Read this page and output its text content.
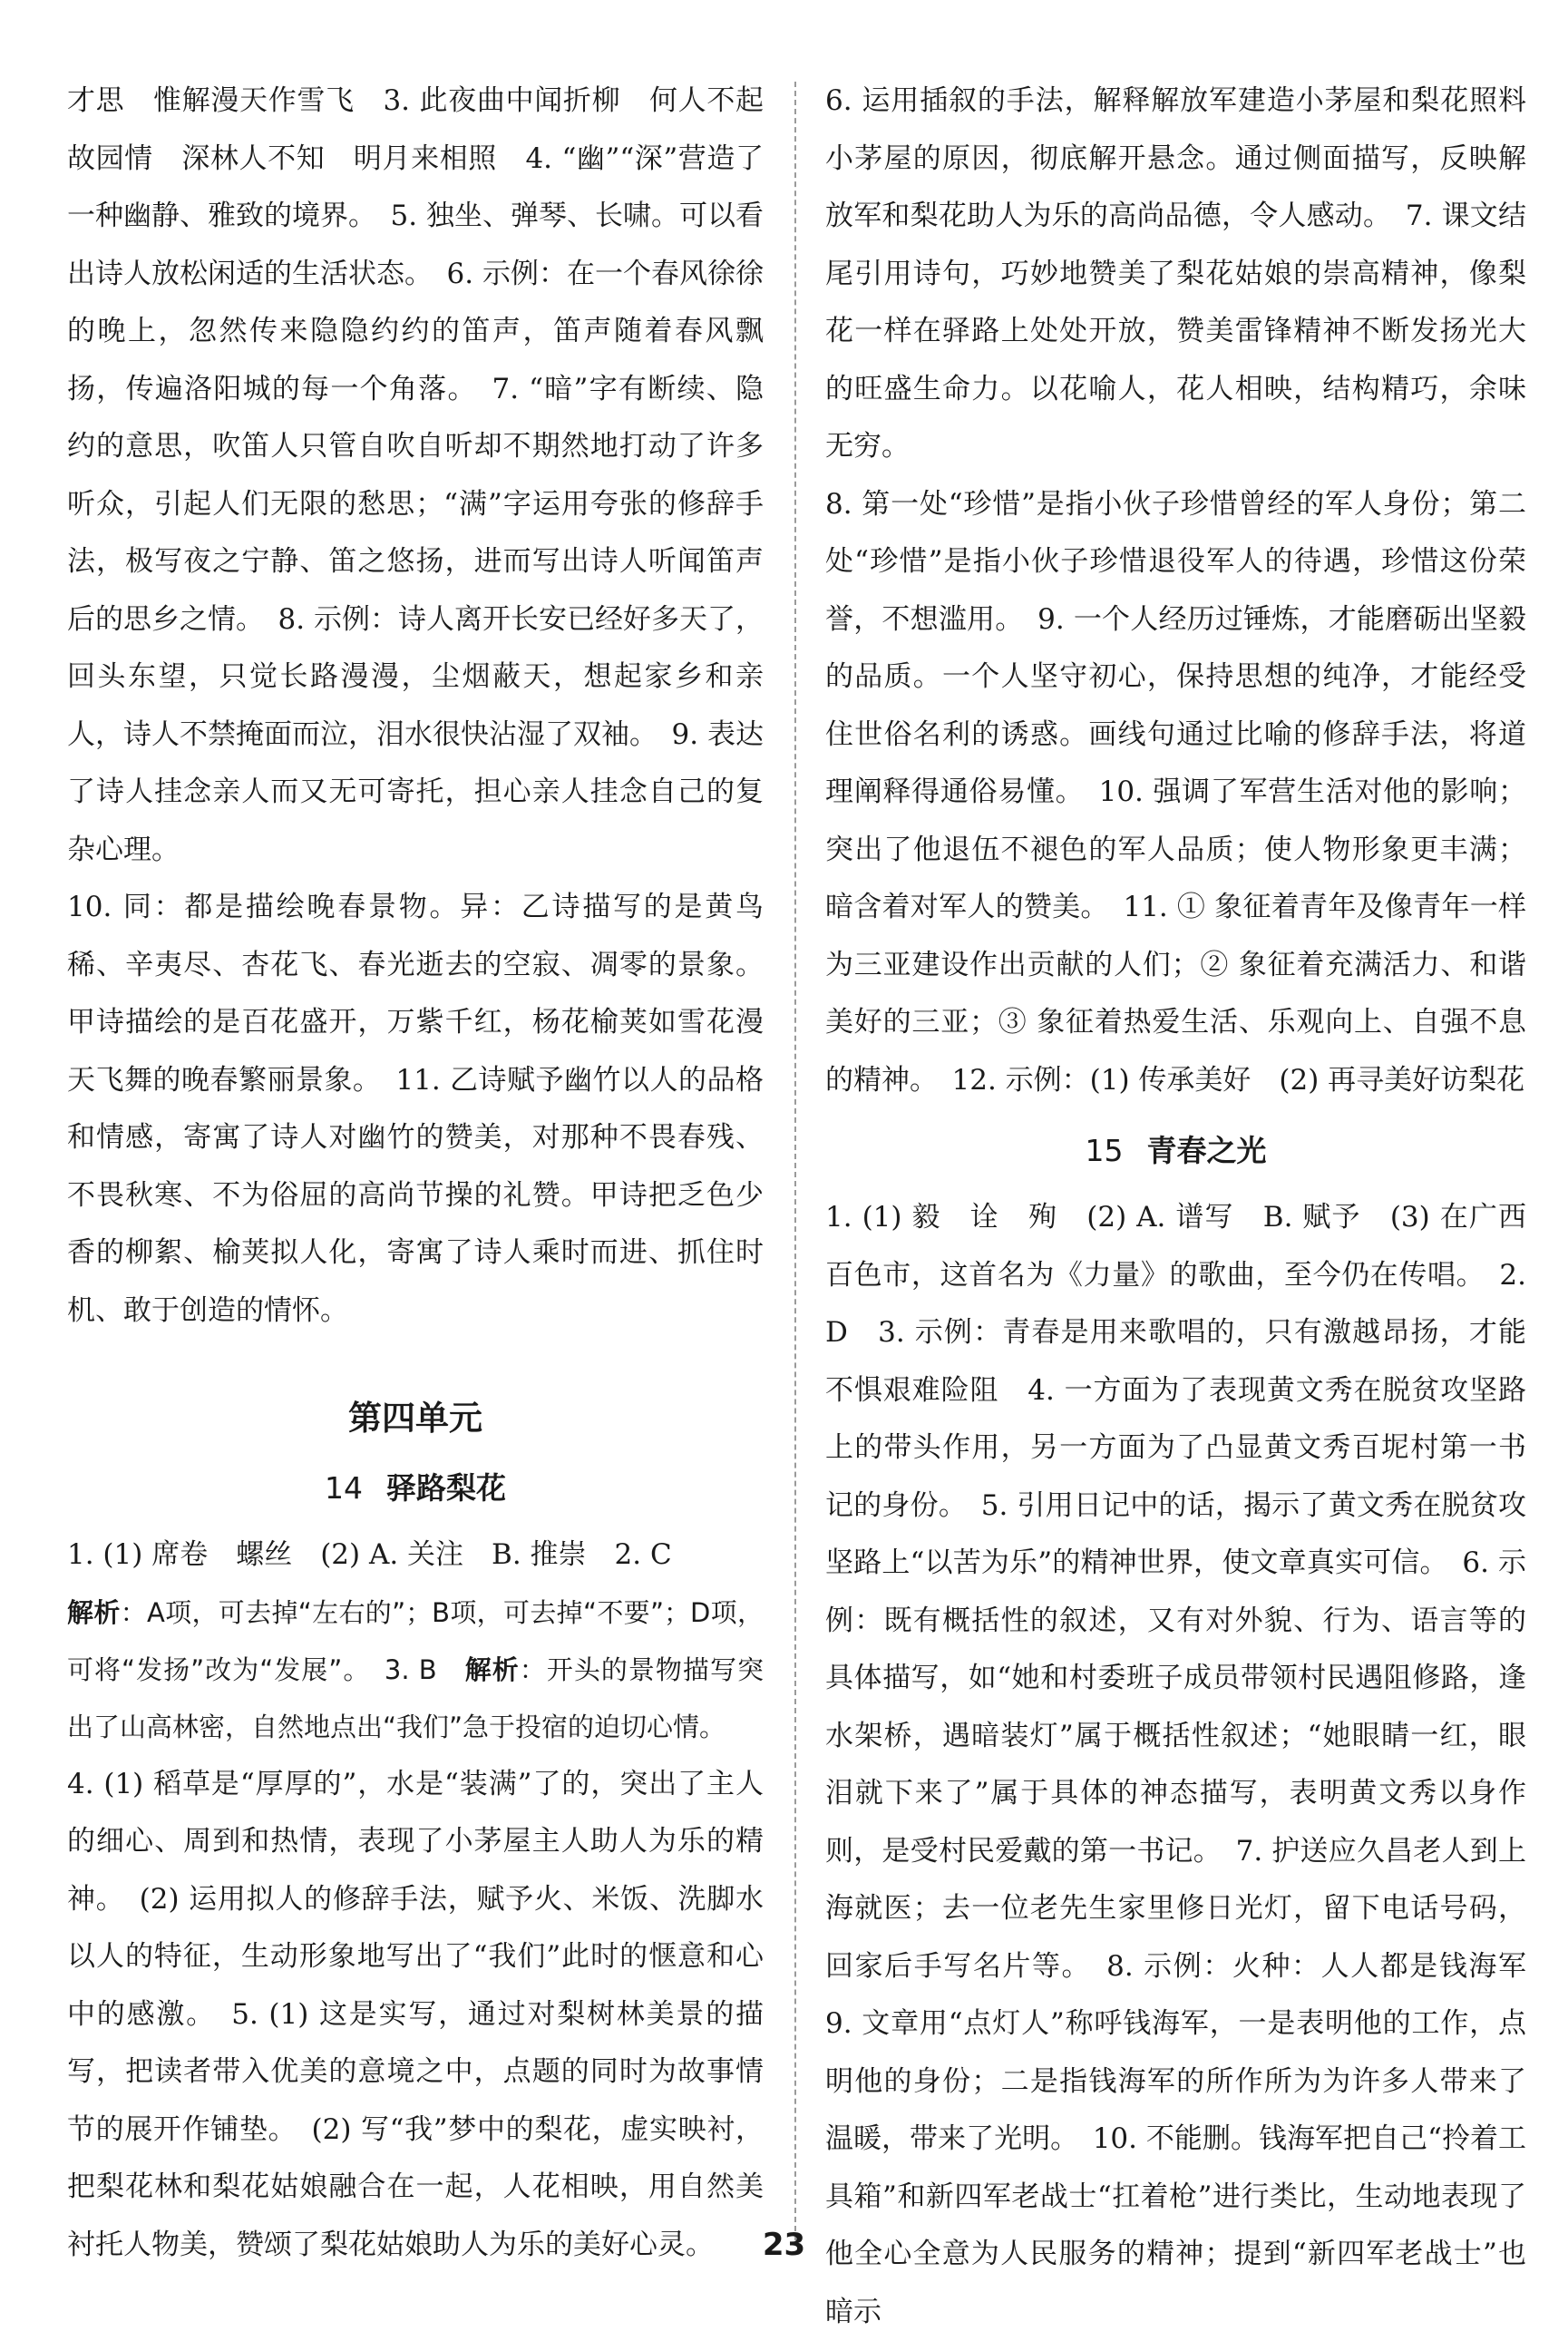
才思　惟解漫天作雪飞　3. 此夜曲中闻折柳　何人不起故园情　深林人不知　明月来相照　4. “幽”“深”营造了一种幽静、雅致的境界。　5. 独坐、弹琴、长啸。可以看出诗人放松闲适的生活状态。　6. 示例：在一个春风徐徐的晚上，忽然传来隐隐约约的笛声，笛声随着春风飘扬，传遍洛阳城的每一个角落。　7. “暗”字有断续、隐约的意思，吹笛人只管自吹自听却不期然地打动了许多听众，引起人们无限的愁思；“满”字运用夸张的修辞手法，极写夜之宁静、笛之悠扬，进而写出诗人听闻笛声后的思乡之情。　8. 示例：诗人离开长安已经好多天了，回头东望，只觉长路漫漫，尘烟蔽天，想起家乡和亲人，诗人不禁掩面而泣，泪水很快沾湿了双袖。　9. 表达了诗人挂念亲人而又无可寄托，担心亲人挂念自己的复杂心理。

10. 同：都是描绘晚春景物。异：乙诗描写的是黄鸟稀、辛夷尽、杏花飞、春光逝去的空寂、凋零的景象。甲诗描绘的是百花盛开，万紫千红，杨花榆荚如雪花漫天飞舞的晚春繁丽景象。　11. 乙诗赋予幽竹以人的品格和情感，寄寓了诗人对幽竹的赞美，对那种不畏春残、不畏秋寒、不为俗屈的高尚节操的礼赞。甲诗把乏色少香的柳絮、榆荚拟人化，寄寓了诗人乘时而进、抓住时机、敢于创造的情怀。

第四单元
14 驿路梨花

1. (1) 席卷　螺丝　(2) A. 关注　B. 推崇　2. C

解析：A项，可去掉“左右的”；B项，可去掉“不要”；D项，可将“发扬”改为“发展”。　3. B　解析：开头的景物描写突出了山高林密，自然地点出“我们”急于投宿的迫切心情。

4. (1) 稻草是“厚厚的”，水是“装满”了的，突出了主人的细心、周到和热情，表现了小茅屋主人助人为乐的精神。　(2) 运用拟人的修辞手法，赋予火、米饭、洗脚水以人的特征，生动形象地写出了“我们”此时的惬意和心中的感激。　5. (1) 这是实写，通过对梨树林美景的描写，把读者带入优美的意境之中，点题的同时为故事情节的展开作铺垫。　(2) 写“我”梦中的梨花，虚实映衬，把梨花林和梨花姑娘融合在一起，人花相映，用自然美衬托人物美，赞颂了梨花姑娘助人为乐的美好心灵。

6. 运用插叙的手法，解释解放军建造小茅屋和梨花照料小茅屋的原因，彻底解开悬念。通过侧面描写，反映解放军和梨花助人为乐的高尚品德，令人感动。　7. 课文结尾引用诗句，巧妙地赞美了梨花姑娘的崇高精神，像梨花一样在驿路上处处开放，赞美雷锋精神不断发扬光大的旺盛生命力。以花喻人，花人相映，结构精巧，余味无穷。

8. 第一处“珍惜”是指小伙子珍惜曾经的军人身份；第二处“珍惜”是指小伙子珍惜退役军人的待遇，珍惜这份荣誉，不想滥用。　9. 一个人经历过锤炼，才能磨砺出坚毅的品质。一个人坚守初心，保持思想的纯净，才能经受住世俗名利的诱惑。画线句通过比喻的修辞手法，将道理阐释得通俗易懂。　10. 强调了军营生活对他的影响；突出了他退伍不褪色的军人品质；使人物形象更丰满；暗含着对军人的赞美。　11. ① 象征着青年及像青年一样为三亚建设作出贡献的人们；② 象征着充满活力、和谐美好的三亚；③ 象征着热爱生活、乐观向上、自强不息的精神。　12. 示例：(1) 传承美好　(2) 再寻美好访梨花

15 青春之光

1. (1) 毅　诠　殉　(2) A. 谱写　B. 赋予　(3) 在广西百色市，这首名为《力量》的歌曲，至今仍在传唱。　2. D　3. 示例：青春是用来歌唱的，只有激越昂扬，才能不惧艰难险阻　4. 一方面为了表现黄文秀在脱贫攻坚路上的带头作用，另一方面为了凸显黄文秀百坭村第一书记的身份。　5. 引用日记中的话，揭示了黄文秀在脱贫攻坚路上“以苦为乐”的精神世界，使文章真实可信。　6. 示例：既有概括性的叙述，又有对外貌、行为、语言等的具体描写，如“她和村委班子成员带领村民遇阻修路，逢水架桥，遇暗装灯”属于概括性叙述；“她眼睛一红，眼泪就下来了”属于具体的神态描写，表明黄文秀以身作则，是受村民爱戴的第一书记。　7. 护送应久昌老人到上海就医；去一位老先生家里修日光灯，留下电话号码，回家后手写名片等。　8. 示例：火种：人人都是钱海军　9. 文章用“点灯人”称呼钱海军，一是表明他的工作，点明他的身份；二是指钱海军的所作所为为许多人带来了温暖，带来了光明。　10. 不能删。钱海军把自己“拎着工具箱”和新四军老战士“扛着枪”进行类比，生动地表现了他全心全意为人民服务的精神；提到“新四军老战士”也暗示

23
